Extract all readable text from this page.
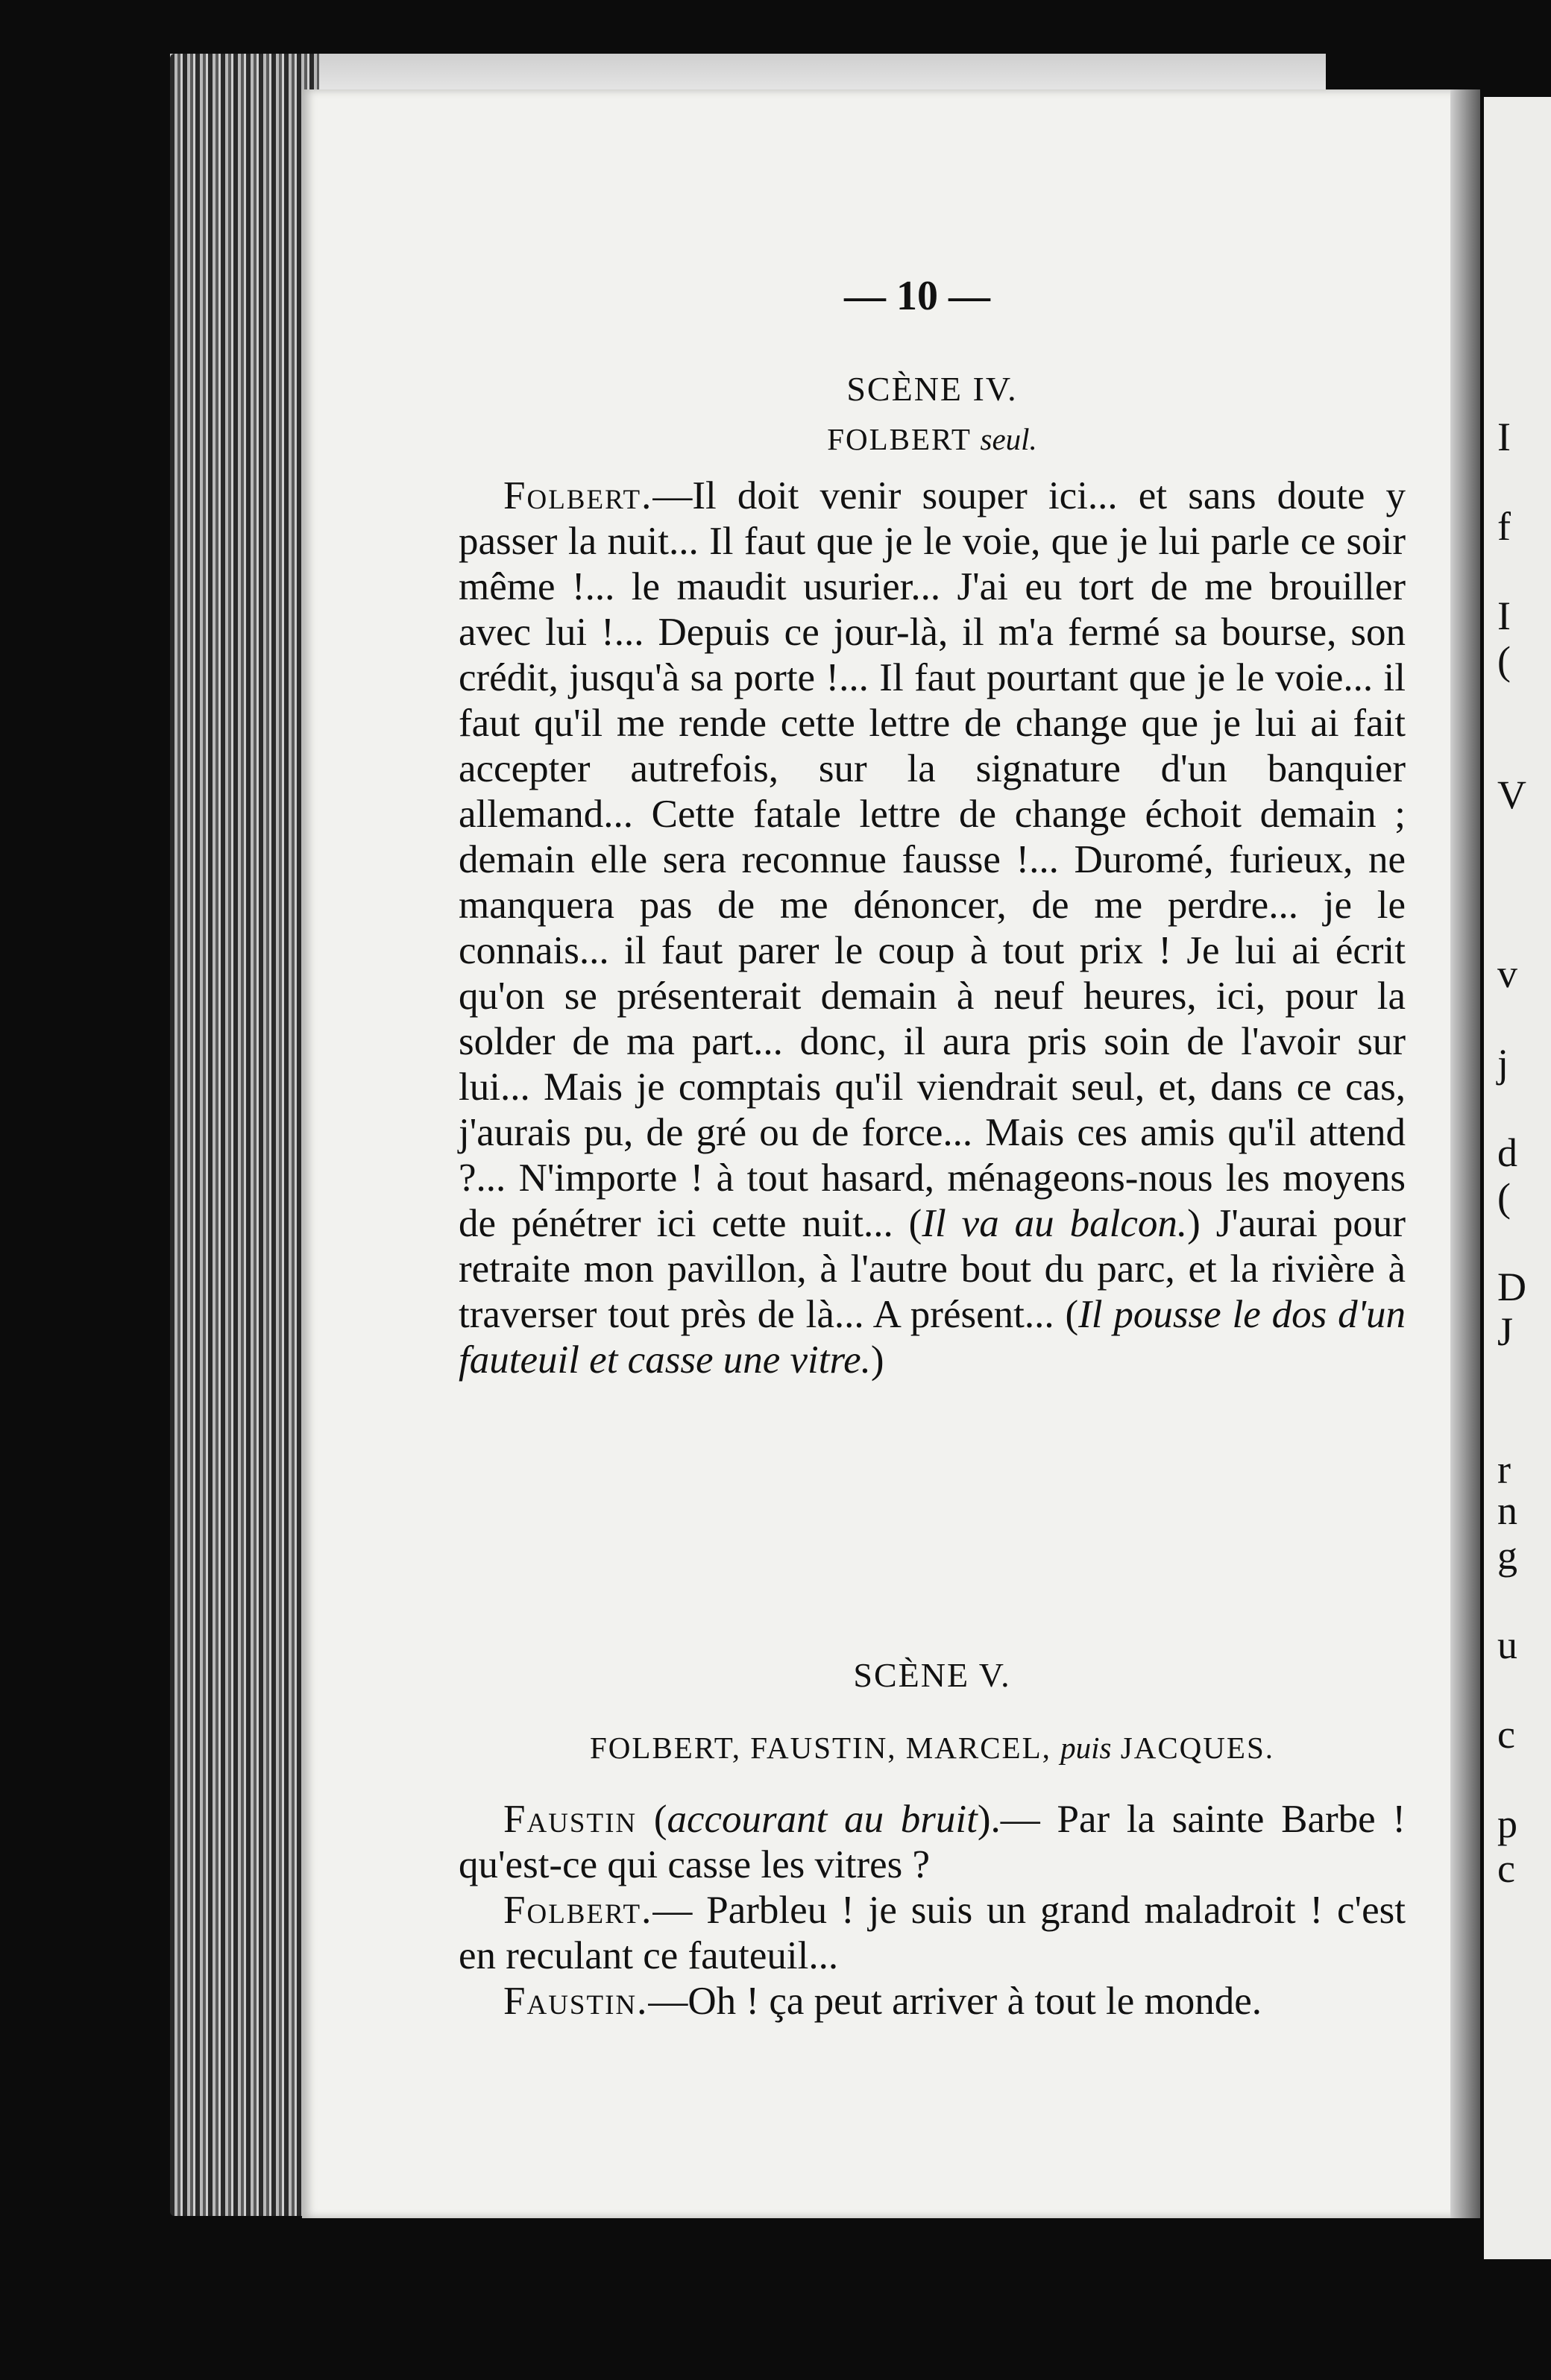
I
f
I
(
V
v
j
d
(
D
J
r
n
g
u
c
p
c
— 10 —
SCÈNE IV.
FOLBERT seul.
Folbert.—Il doit venir souper ici... et sans doute y passer la nuit... Il faut que je le voie, que je lui parle ce soir même !... le maudit usurier... J'ai eu tort de me brouiller avec lui !... Depuis ce jour-là, il m'a fermé sa bourse, son crédit, jusqu'à sa porte !... Il faut pourtant que je le voie... il faut qu'il me rende cette lettre de change que je lui ai fait accepter autrefois, sur la signature d'un banquier allemand... Cette fatale lettre de change échoit demain ; demain elle sera reconnue fausse !... Duromé, furieux, ne manquera pas de me dénoncer, de me perdre... je le connais... il faut parer le coup à tout prix ! Je lui ai écrit qu'on se présenterait demain à neuf heures, ici, pour la solder de ma part... donc, il aura pris soin de l'avoir sur lui... Mais je comptais qu'il viendrait seul, et, dans ce cas, j'aurais pu, de gré ou de force... Mais ces amis qu'il attend ?... N'importe ! à tout hasard, ménageons-nous les moyens de pénétrer ici cette nuit... (Il va au balcon.) J'aurai pour retraite mon pavillon, à l'autre bout du parc, et la rivière à traverser tout près de là... A présent... (Il pousse le dos d'un fauteuil et casse une vitre.)
SCÈNE V.
FOLBERT, FAUSTIN, MARCEL, puis JACQUES.
Faustin (accourant au bruit).— Par la sainte Barbe ! qu'est-ce qui casse les vitres ?
Folbert.— Parbleu ! je suis un grand maladroit ! c'est en reculant ce fauteuil...
Faustin.—Oh ! ça peut arriver à tout le monde.
